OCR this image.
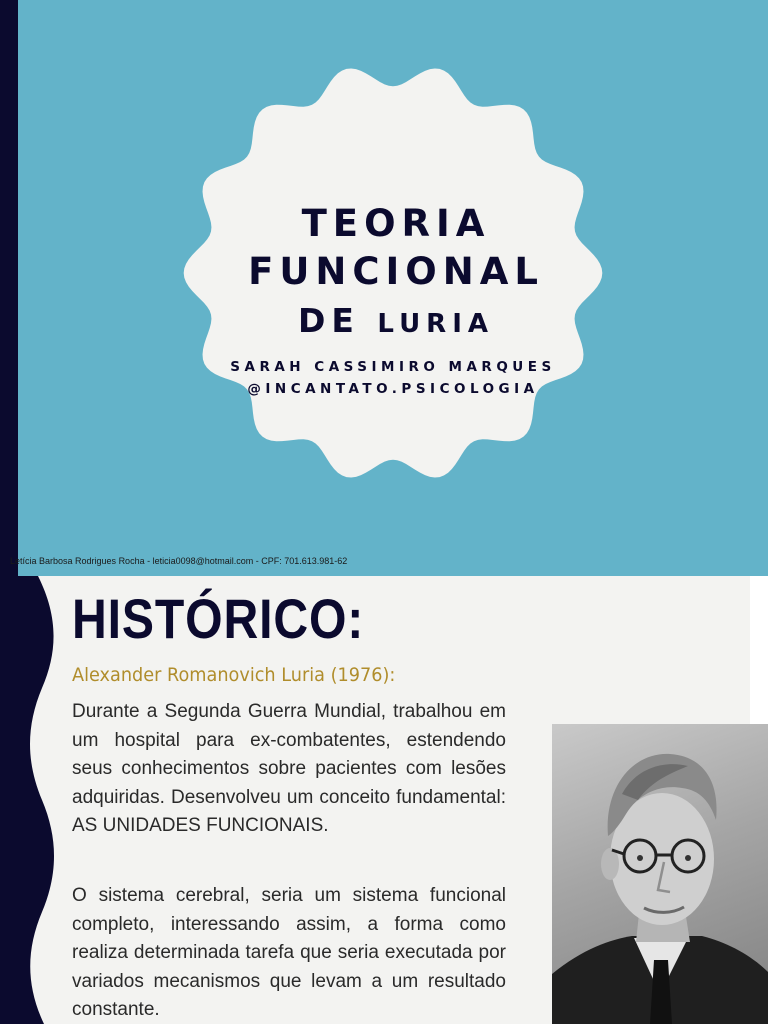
TEORIA FUNCIONAL
DE LURIA
SARAH CASSIMIRO MARQUES
@INCANTATO.PSICOLOGIA
Letícia Barbosa Rodrigues Rocha - leticia0098@hotmail.com - CPF: 701.613.981-62
HISTÓRICO:
Alexander Romanovich Luria (1976):
Durante a Segunda Guerra Mundial, trabalhou em um hospital para ex-combatentes, estendendo seus conhecimentos sobre pacientes com lesões adquiridas. Desenvolveu um conceito fundamental: AS UNIDADES FUNCIONAIS.
O sistema cerebral, seria um sistema funcional completo, interessando assim, a forma como realiza determinada tarefa que seria executada por variados mecanismos que levam a um resultado constante.
